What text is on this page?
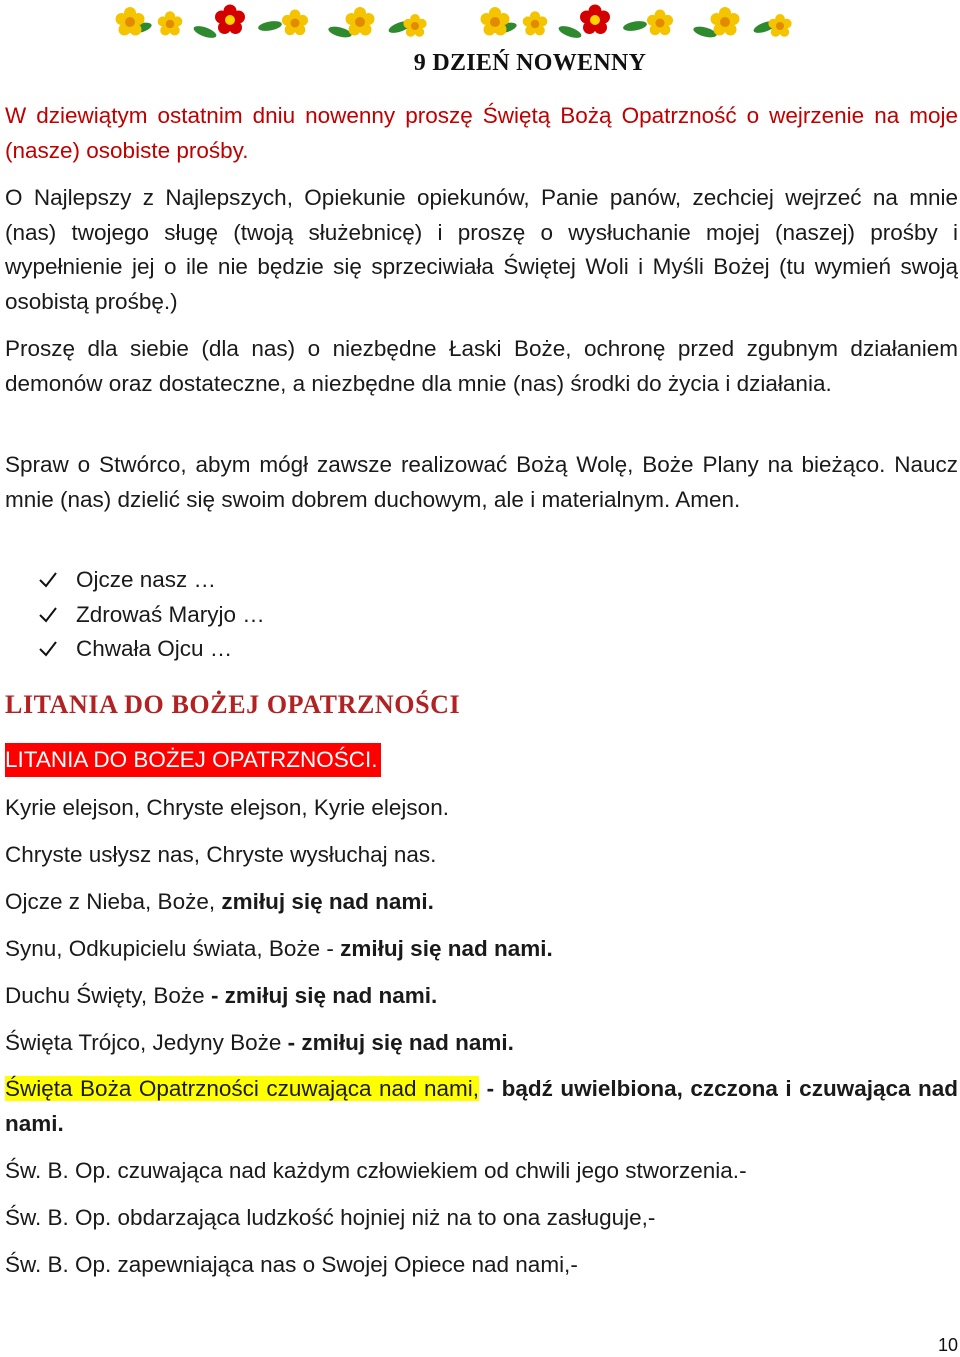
9 DZIEŃ NOWENNY

W dziewiątym ostatnim dniu nowenny proszę Świętą Bożą Opatrzność o wejrzenie na moje (nasze) osobiste prośby.

O Najlepszy z Najlepszych, Opiekunie opiekunów, Panie panów, zechciej wejrzeć na mnie (nas) twojego sługę (twoją służebnicę) i proszę o wysłuchanie mojej (naszej) prośby i wypełnienie jej o ile nie będzie się sprzeciwiała Świętej Woli i Myśli Bożej (tu wymień swoją osobistą prośbę.)

Proszę dla siebie (dla nas) o niezbędne Łaski Boże, ochronę przed zgubnym działaniem demonów oraz dostateczne, a niezbędne dla mnie (nas) środki do życia i działania.

Spraw o Stwórco, abym mógł zawsze realizować Bożą Wolę, Boże Plany na bieżąco. Naucz mnie (nas) dzielić się swoim dobrem duchowym, ale i materialnym. Amen.

Ojcze nasz …
Zdrowaś Maryjo …
Chwała Ojcu …
LITANIA DO BOŻEJ OPATRZNOŚCI
LITANIA DO BOŻEJ OPATRZNOŚCI.

Kyrie elejson, Chryste elejson, Kyrie elejson.

Chryste usłysz nas, Chryste wysłuchaj nas.

Ojcze z Nieba, Boże, zmiłuj się nad nami.

Synu, Odkupicielu świata, Boże - zmiłuj się nad nami.

Duchu Święty, Boże - zmiłuj się nad nami.

Święta Trójco, Jedyny Boże - zmiłuj się nad nami.

Święta Boża Opatrzności czuwająca nad nami, - bądź uwielbiona, czczona i czuwająca nad nami.

Św. B. Op. czuwająca nad każdym człowiekiem od chwili jego stworzenia.-

Św. B. Op. obdarzająca ludzkość hojniej niż na to ona zasługuje,-

Św. B. Op. zapewniająca nas o Swojej Opiece nad nami,-

10
